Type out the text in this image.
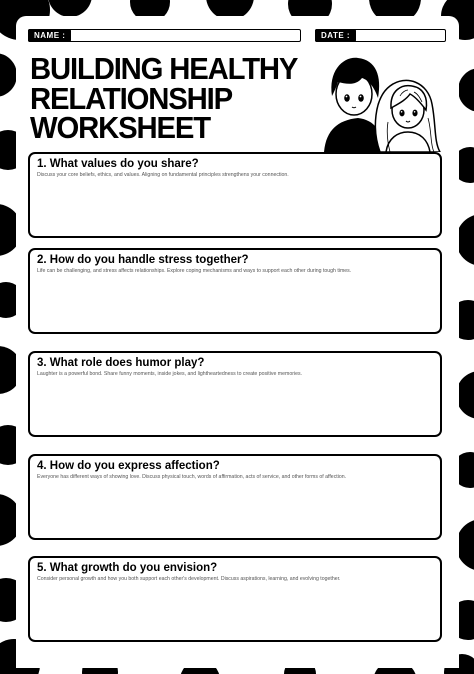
NAME :	DATE :
BUILDING HEALTHY
RELATIONSHIP
WORKSHEET
1. What values do you share?
Discuss your core beliefs, ethics, and values. Aligning on fundamental principles strengthens your connection.
2. How do you handle stress together?
Life can be challenging, and stress affects relationships. Explore coping mechanisms and ways to support each other during tough times.
3. What role does humor play?
Laughter is a powerful bond. Share funny moments, inside jokes, and lightheartedness to create positive memories.
4. How do you express affection?
Everyone has different ways of showing love. Discuss physical touch, words of affirmation, acts of service, and other forms of affection.
5. What growth do you envision?
Consider personal growth and how you both support each other's development. Discuss aspirations, learning, and evolving together.
